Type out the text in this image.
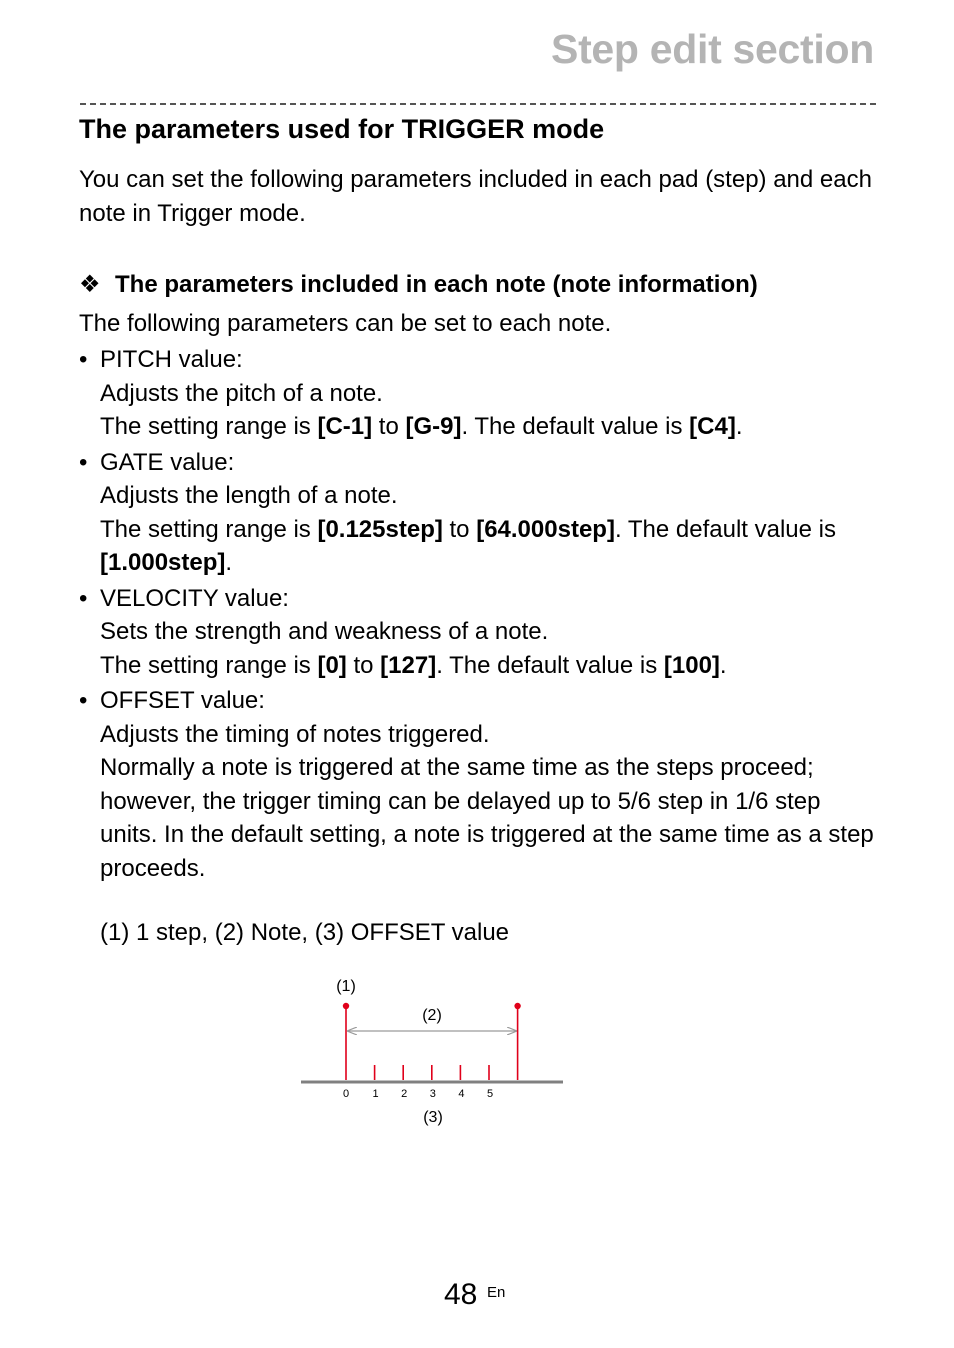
Step edit section
The parameters used for TRIGGER mode

You can set the following parameters included in each pad (step) and each note in Trigger mode.

❖ The parameters included in each note (note information)

The following parameters can be set to each note.

• PITCH value:

Adjusts the pitch of a note.

The setting range is [C-1] to [G-9]. The default value is [C4].

• GATE value:

Adjusts the length of a note.

The setting range is [0.125step] to [64.000step]. The default value is [1.000step].

• VELOCITY value:

Sets the strength and weakness of a note.

The setting range is [0] to [127]. The default value is [100].

• OFFSET value:

Adjusts the timing of notes triggered.

Normally a note is triggered at the same time as the steps proceed; however, the trigger timing can be delayed up to 5/6 step in 1/6 step units. In the default setting, a note is triggered at the same time as a step proceeds.

(1) 1 step, (2) Note, (3) OFFSET value

(1)
(2)
(3)
0 1 2 3 4 5
48 En
